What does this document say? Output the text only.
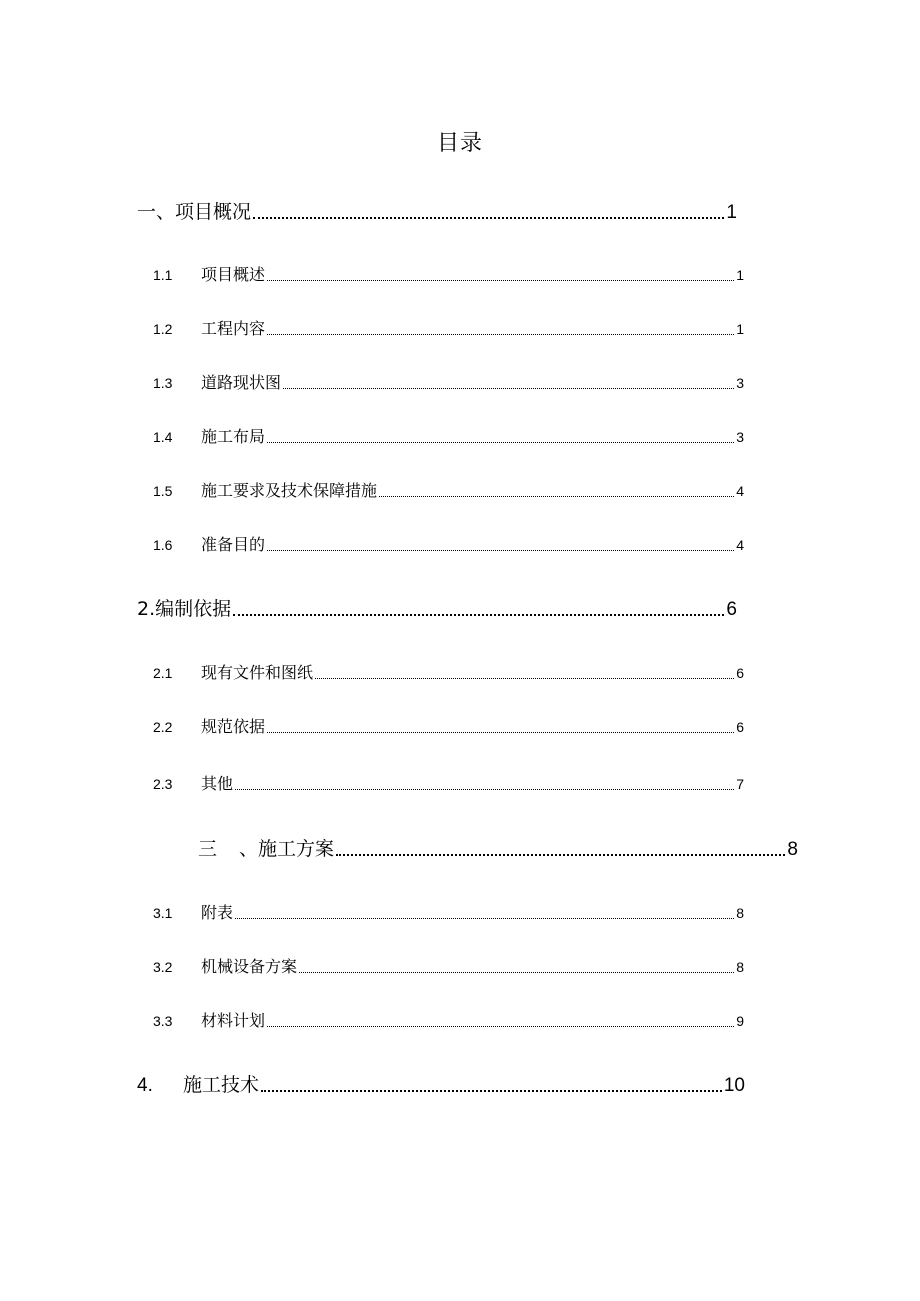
目录
一、项目概况	1
1.1	项目概述	1
1.2	工程内容	1
1.3	道路现状图	3
1.4	施工布局	3
1.5	施工要求及技术保障措施	4
1.6	准备目的	4
2.编制依据	6
2.1	现有文件和图纸	6
2.2	规范依据	6
2.3	其他	7
三 、施工方案	8
3.1	附表	8
3.2	机械设备方案	8
3.3	材料计划	9
4.	施工技术	10
